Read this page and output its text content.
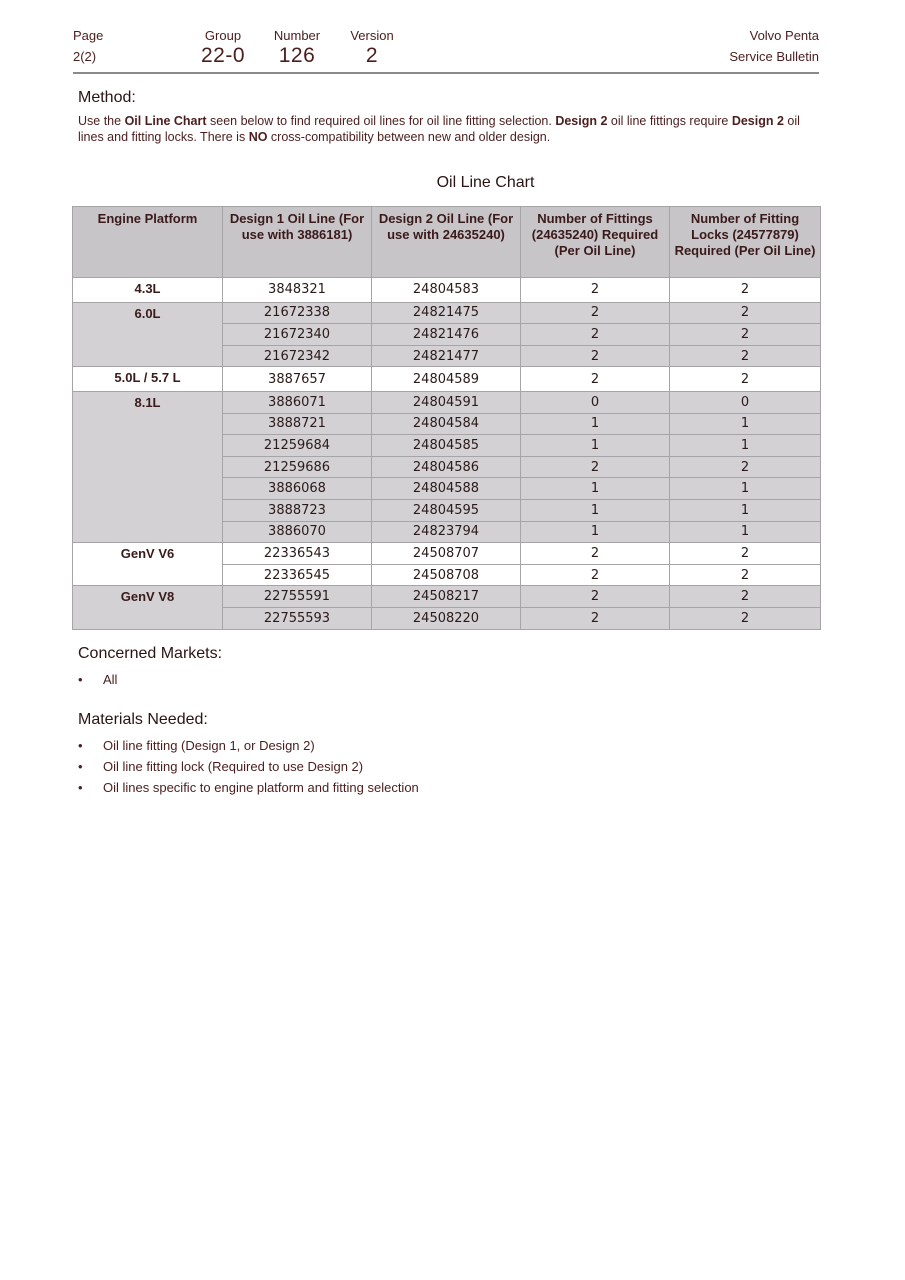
Page
2(2)
Group
22-0
Number
126
Version
2
Volvo Penta
Service Bulletin
Method:

Use the Oil Line Chart seen below to find required oil lines for oil line fitting selection. Design 2 oil line fittings require Design 2 oil lines and fitting locks. There is NO cross-compatibility between new and older design.

Oil Line Chart
Engine Platform	Design 1 Oil Line (For use with 3886181)	Design 2 Oil Line (For use with 24635240)	Number of Fittings (24635240) Required (Per Oil Line)	Number of Fitting Locks (24577879) Required (Per Oil Line)
4.3L	3848321	24804583	2	2
6.0L	21672338	24821475	2	2
	21672340	24821476	2	2
	21672342	24821477	2	2
5.0L / 5.7 L	3887657	24804589	2	2
8.1L	3886071	24804591	0	0
	3888721	24804584	1	1
	21259684	24804585	1	1
	21259686	24804586	2	2
	3886068	24804588	1	1
	3888723	24804595	1	1
	3886070	24823794	1	1
GenV V6	22336543	24508707	2	2
	22336545	24508708	2	2
GenV V8	22755591	24508217	2	2
	22755593	24508220	2	2
Concerned Markets:
• All
Materials Needed:
• Oil line fitting (Design 1, or Design 2)
• Oil line fitting lock (Required to use Design 2)
• Oil lines specific to engine platform and fitting selection
